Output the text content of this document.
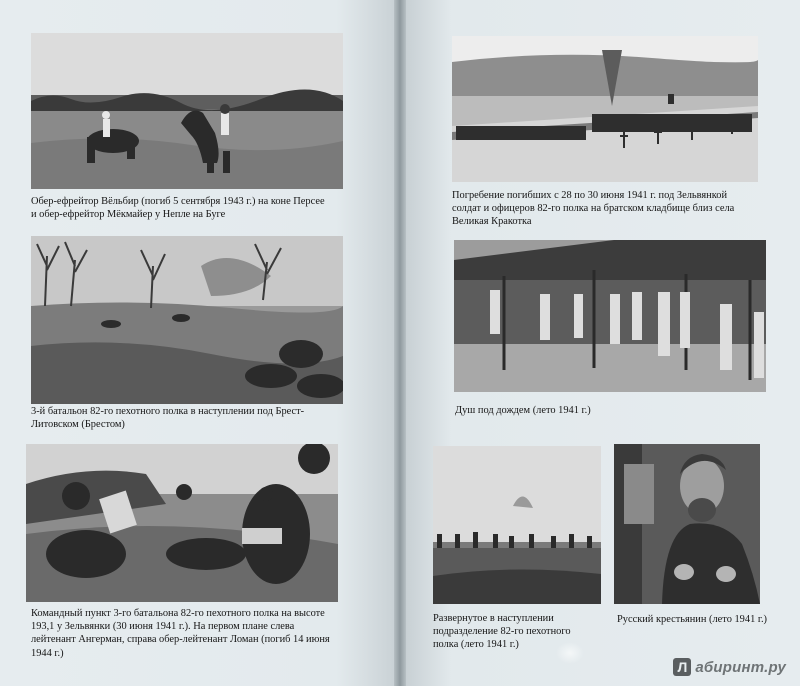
Обер-ефрейтор Вёльбир (погиб 5 сентября 1943 г.) на коне Персее
и обер-ефрейтор Мёкмайер у Непле на Буге
3-й батальон 82-го пехотного полка в наступлении под Брест-
Литовском (Брестом)
Командный пункт 3-го батальона 82-го пехотного полка на высоте
193,1 у Зельвянки (30 июня 1941 г.). На первом плане слева
лейтенант Ангерман, справа обер-лейтенант Ломан (погиб 14 июня
1944 г.)
Погребение погибших с 28 по 30 июня 1941 г. под Зельвянкой
солдат и офицеров 82-го полка на братском кладбище близ села
Великая Кракотка
Душ под дождем (лето 1941 г.)
Развернутое в наступлении
подразделение 82-го пехотного
полка (лето 1941 г.)
Русский крестьянин (лето 1941 г.)
Л абиринт.ру
